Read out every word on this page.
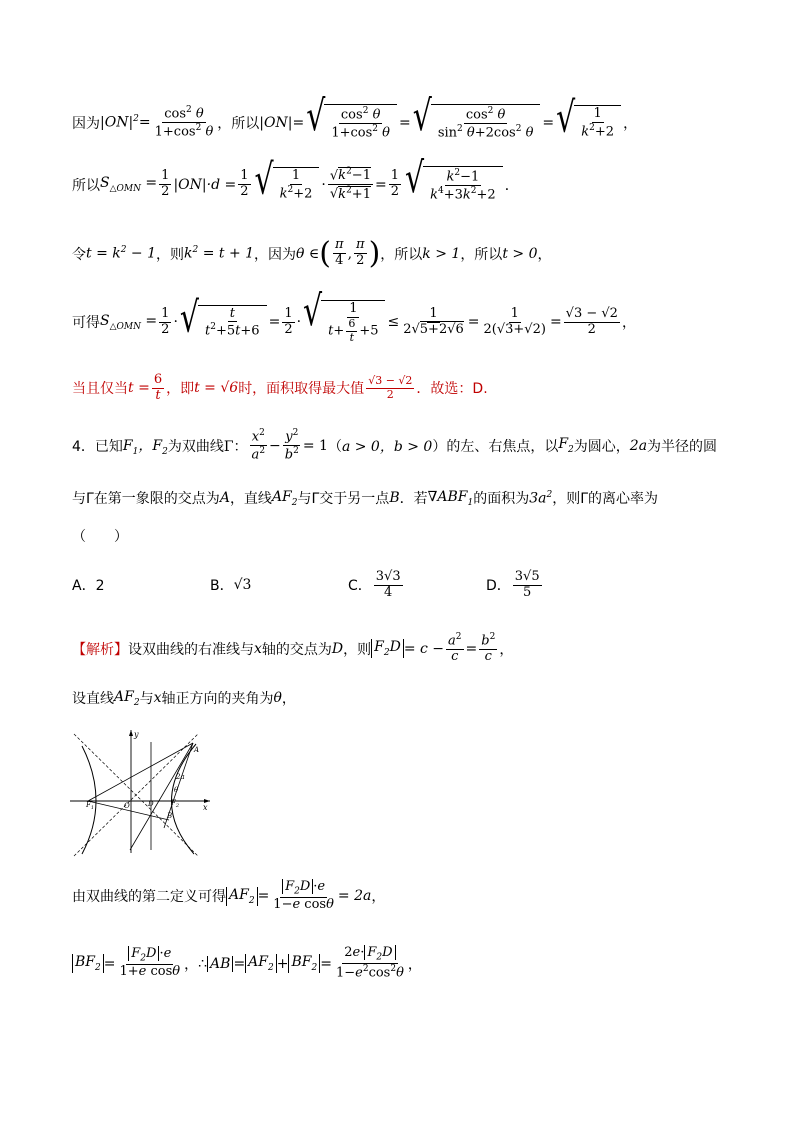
因为 $|ON|^2= \frac{\cos^2 \theta}{1+\cos^2 \theta}$ ，所以 |ON|= √ $\frac{\cos^2 \theta}{1+\cos^2 \theta}$ = √ $\frac{\cos^2 \theta}{\sin^2 \theta+2\cos^2 \theta}$ = √ $\frac{1}{k^2+2}$ ，
所以 $S_{\triangle OMN} = \frac{1}{2} |ON|\cdot d = \frac{1}{2}$ √ $\frac{1}{k^2+2} \cdot \frac{√k^2-1}{√k^2+1} = \frac{1}{2}$ √ $\frac{k^2-1}{k^4+3k^2+2}$ ．
令 $t = k^2 - 1$ ，则 $k^2 = t + 1$ ，因为 θ ∈ ( $\frac{\pi}{4}$ , $\frac{\pi}{2}$ ) ，所以 k > 1 ，所以 t > 0 ，
可得 $S_{\triangle OMN} = \frac{1}{2}$ · √ $\frac{t}{t^2+5t+6} = \frac{1}{2}$ · √ $\frac{1}{t+ \frac{6}{t} +5} \le \frac{1}{2√5+2√6} = \frac{1}{2(√3+√2)} = \frac{√3 - √2}{2}$ ，
当且仅当 $t = \frac{6}{t}$ ，即 t = √6 时，面积取得最大值 $\frac{√3 - √2}{2}$ ．故选：D.
4．已知 $F_1$，$F_2$ 为双曲线 Γ： $\frac{x^2}{a^2} - \frac{y^2}{b^2} = 1$ （ a > 0，b > 0 ）的左、右焦点，以 $F_2$ 为圆心， 2a 为半径的圆
与Γ在第一象限的交点为 A ，直线 $AF_2$ 与Γ交于另一点 B ．若 $\nabla ABF_1$ 的面积为 $3a^2$ ，则Γ的离心率为
（　　）
A．2	B． √3	C． $\frac{3√3}{4}$	D． $\frac{3√5}{5}$
【解析】 设双曲线的右准线与 x 轴的交点为 D ，则 $F_2D = c - \frac{a^2}{c} = \frac{b^2}{c}$ ，
设直线 $AF_2$ 与 x 轴正方向的夹角为 θ ，
y
x
A
B
$F_1$
$F_2$
O	D
2a
θ
由双曲线的第二定义可得 $AF_2 = \frac{F_2D \cdot e}{\text{1−e cosθ}} = 2a$ ，
$BF_2 = \frac{F_2D \cdot e}{\text{1+e cosθ}}$ ， ∴ AB = $AF_2 + BF_2 = \frac{2e\cdot F_2D}{1-e^2\cos^2\theta}$ ，
